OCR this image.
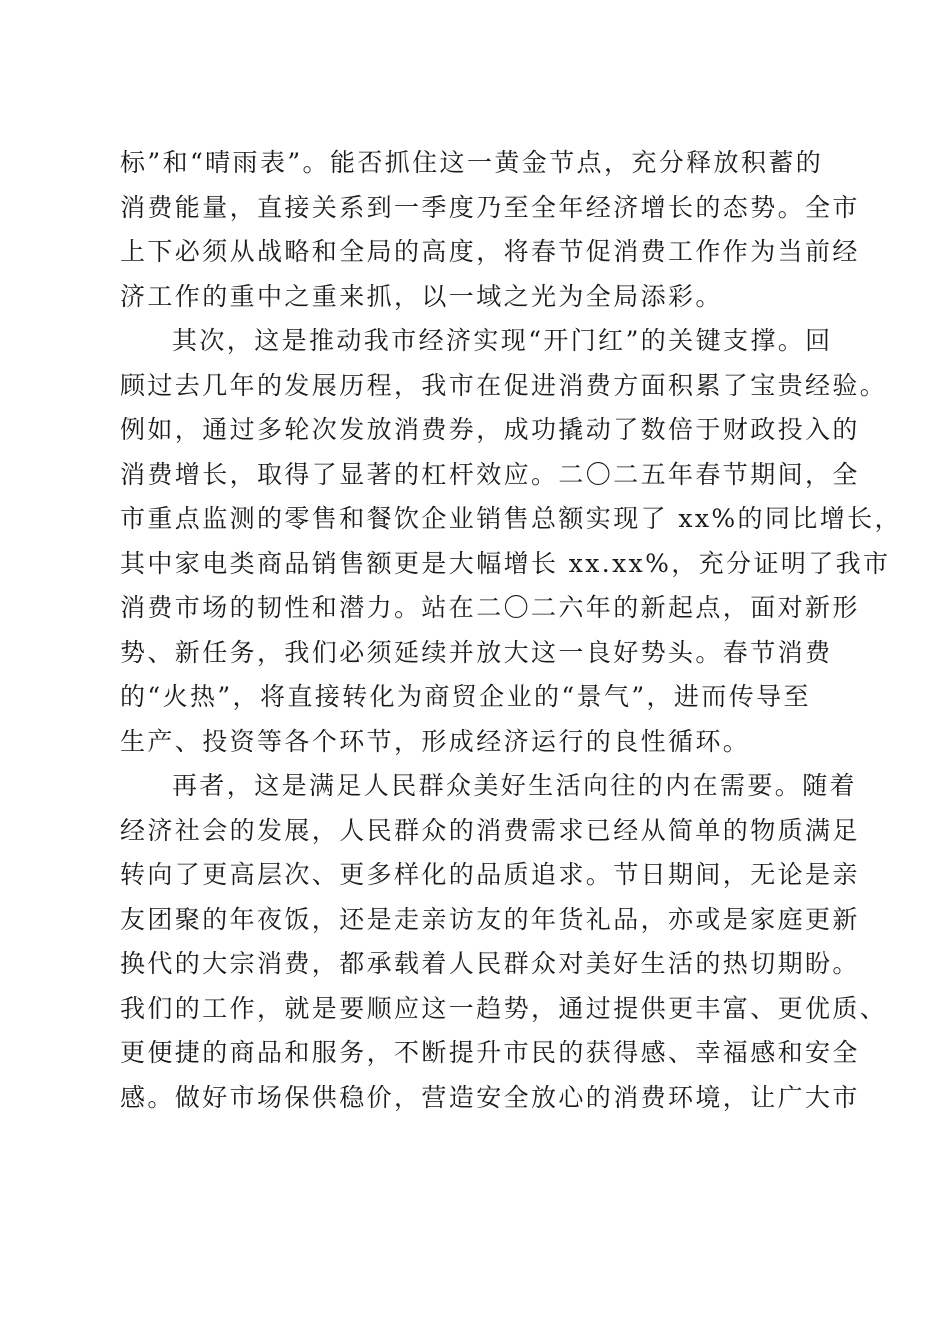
标”和“晴雨表”。能否抓住这一黄金节点，充分释放积蓄的
消费能量，直接关系到一季度乃至全年经济增长的态势。全市
上下必须从战略和全局的高度，将春节促消费工作作为当前经
济工作的重中之重来抓，以一域之光为全局添彩。
其次，这是推动我市经济实现“开门红”的关键支撑。回
顾过去几年的发展历程，我市在促进消费方面积累了宝贵经验。
例如，通过多轮次发放消费券，成功撬动了数倍于财政投入的
消费增长，取得了显著的杠杆效应。二〇二五年春节期间，全
市重点监测的零售和餐饮企业销售总额实现了 xx%的同比增长，
其中家电类商品销售额更是大幅增长 xx.xx%，充分证明了我市
消费市场的韧性和潜力。站在二〇二六年的新起点，面对新形
势、新任务，我们必须延续并放大这一良好势头。春节消费
的“火热”，将直接转化为商贸企业的“景气”，进而传导至
生产、投资等各个环节，形成经济运行的良性循环。
再者，这是满足人民群众美好生活向往的内在需要。随着
经济社会的发展，人民群众的消费需求已经从简单的物质满足
转向了更高层次、更多样化的品质追求。节日期间，无论是亲
友团聚的年夜饭，还是走亲访友的年货礼品，亦或是家庭更新
换代的大宗消费，都承载着人民群众对美好生活的热切期盼。
我们的工作，就是要顺应这一趋势，通过提供更丰富、更优质、
更便捷的商品和服务，不断提升市民的获得感、幸福感和安全
感。做好市场保供稳价，营造安全放心的消费环境，让广大市
